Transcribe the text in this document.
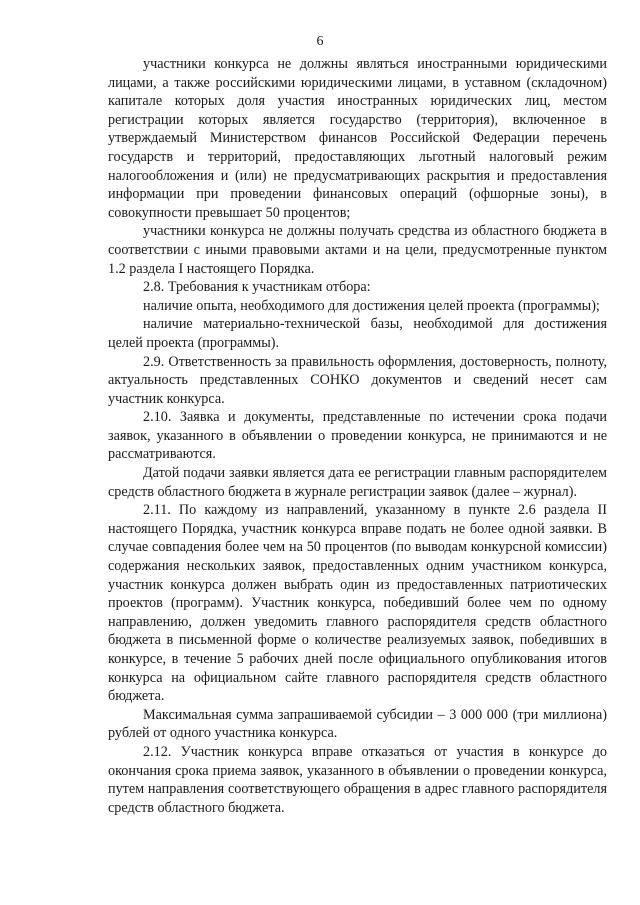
6

участники конкурса не должны являться иностранными юридическими лицами, а также российскими юридическими лицами, в уставном (складочном) капитале которых доля участия иностранных юридических лиц, местом регистрации которых является государство (территория), включенное в утверждаемый Министерством финансов Российской Федерации перечень государств и территорий, предоставляющих льготный налоговый режим налогообложения и (или) не предусматривающих раскрытия и предоставления информации при проведении финансовых операций (офшорные зоны), в совокупности превышает 50 процентов;

участники конкурса не должны получать средства из областного бюджета в соответствии с иными правовыми актами и на цели, предусмотренные пунктом 1.2 раздела I настоящего Порядка.

2.8. Требования к участникам отбора:

наличие опыта, необходимого для достижения целей проекта (программы);

наличие материально-технической базы, необходимой для достижения целей проекта (программы).

2.9. Ответственность за правильность оформления, достоверность, полноту, актуальность представленных СОНКО документов и сведений несет сам участник конкурса.

2.10. Заявка и документы, представленные по истечении срока подачи заявок, указанного в объявлении о проведении конкурса, не принимаются и не рассматриваются.

Датой подачи заявки является дата ее регистрации главным распорядителем средств областного бюджета в журнале регистрации заявок (далее – журнал).

2.11. По каждому из направлений, указанному в пункте 2.6 раздела II настоящего Порядка, участник конкурса вправе подать не более одной заявки. В случае совпадения более чем на 50 процентов (по выводам конкурсной комиссии) содержания нескольких заявок, предоставленных одним участником конкурса, участник конкурса должен выбрать один из предоставленных патриотических проектов (программ). Участник конкурса, победивший более чем по одному направлению, должен уведомить главного распорядителя средств областного бюджета в письменной форме о количестве реализуемых заявок, победивших в конкурсе, в течение 5 рабочих дней после официального опубликования итогов конкурса на официальном сайте главного распорядителя средств областного бюджета.

Максимальная сумма запрашиваемой субсидии – 3 000 000 (три миллиона) рублей от одного участника конкурса.

2.12. Участник конкурса вправе отказаться от участия в конкурсе до окончания срока приема заявок, указанного в объявлении о проведении конкурса, путем направления соответствующего обращения в адрес главного распорядителя средств областного бюджета.
